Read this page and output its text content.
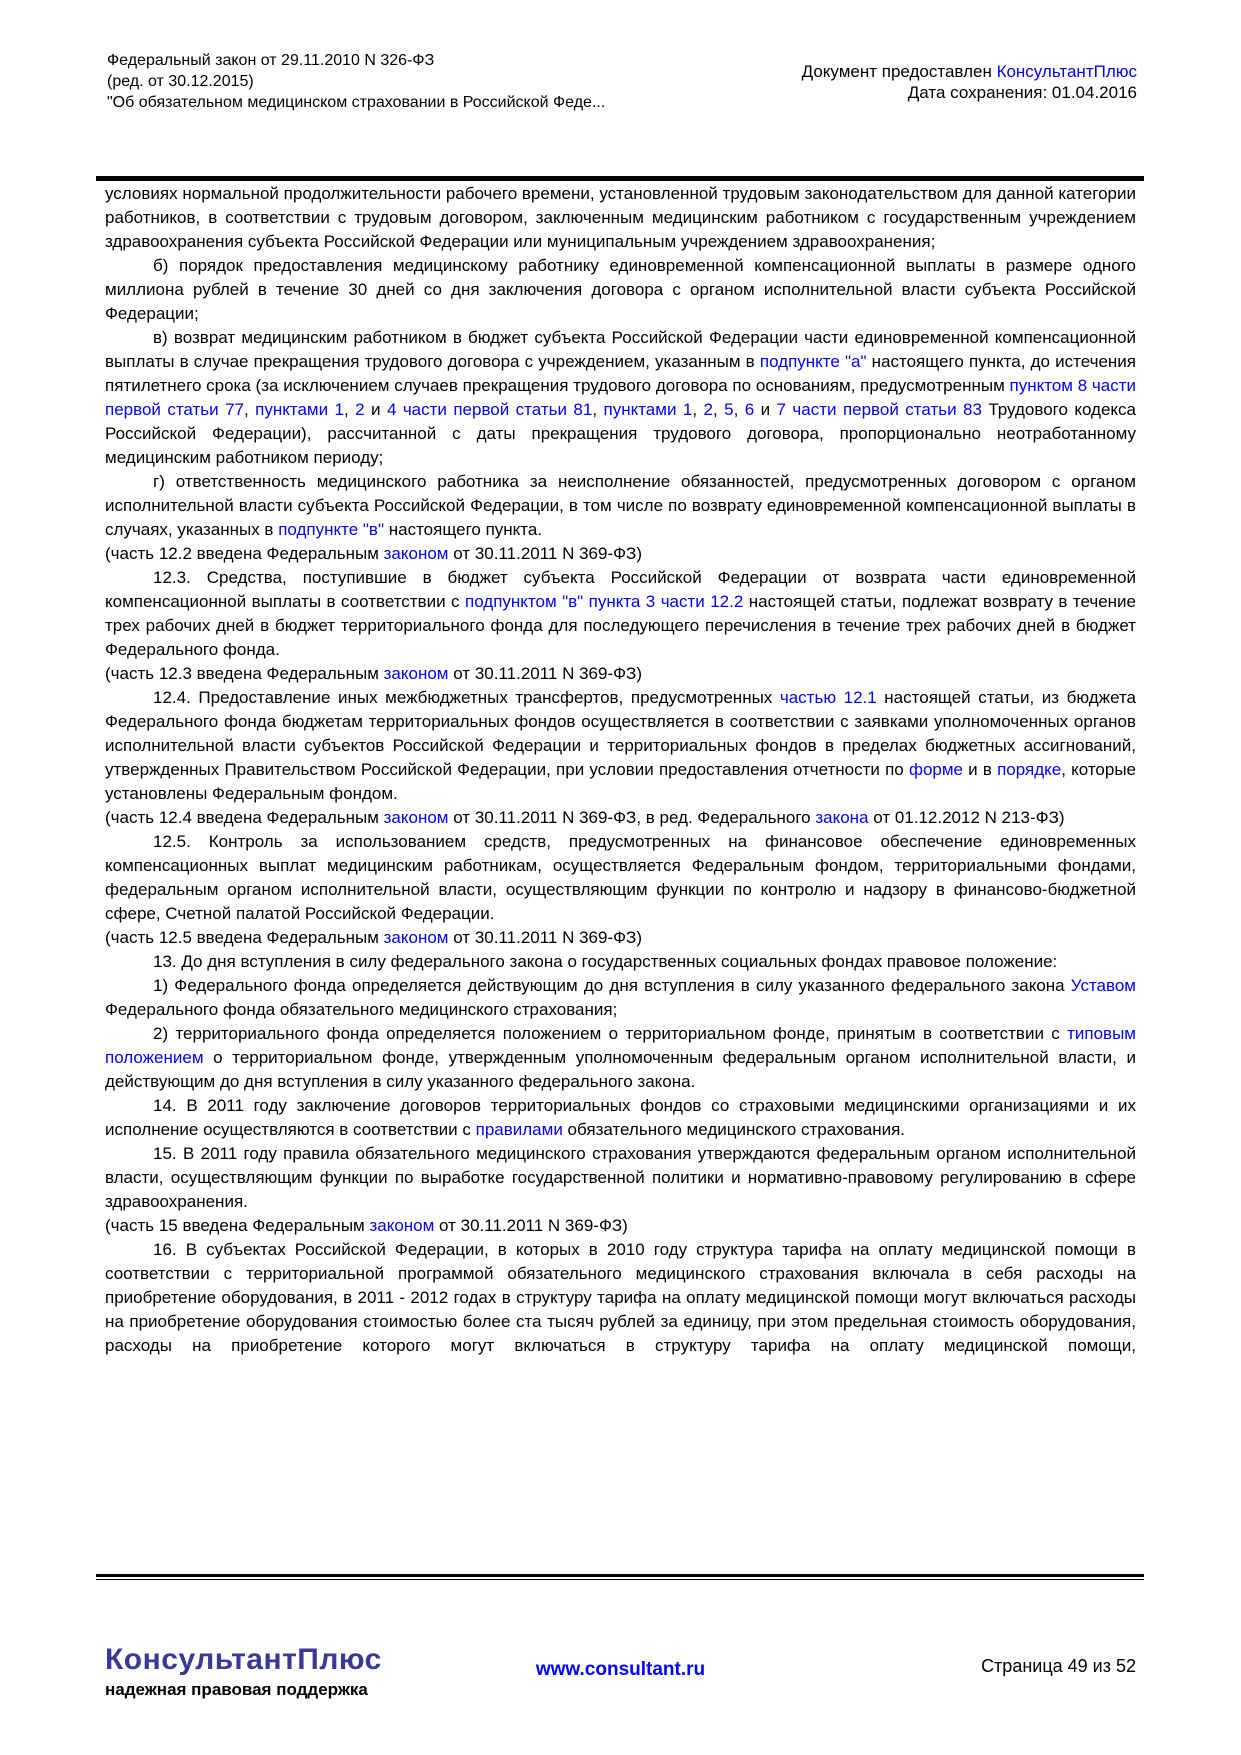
Федеральный закон от 29.11.2010 N 326-ФЗ
(ред. от 30.12.2015)
"Об обязательном медицинском страховании в Российской Феде...
Документ предоставлен КонсультантПлюс
Дата сохранения: 01.04.2016

условиях нормальной продолжительности рабочего времени, установленной трудовым законодательством для данной категории работников, в соответствии с трудовым договором, заключенным медицинским работником с государственным учреждением здравоохранения субъекта Российской Федерации или муниципальным учреждением здравоохранения;

б) порядок предоставления медицинскому работнику единовременной компенсационной выплаты в размере одного миллиона рублей в течение 30 дней со дня заключения договора с органом исполнительной власти субъекта Российской Федерации;

в) возврат медицинским работником в бюджет субъекта Российской Федерации части единовременной компенсационной выплаты в случае прекращения трудового договора с учреждением, указанным в подпункте "а" настоящего пункта, до истечения пятилетнего срока (за исключением случаев прекращения трудового договора по основаниям, предусмотренным пунктом 8 части первой статьи 77, пунктами 1, 2 и 4 части первой статьи 81, пунктами 1, 2, 5, 6 и 7 части первой статьи 83 Трудового кодекса Российской Федерации), рассчитанной с даты прекращения трудового договора, пропорционально неотработанному медицинским работником периоду;

г) ответственность медицинского работника за неисполнение обязанностей, предусмотренных договором с органом исполнительной власти субъекта Российской Федерации, в том числе по возврату единовременной компенсационной выплаты в случаях, указанных в подпункте "в" настоящего пункта.

(часть 12.2 введена Федеральным законом от 30.11.2011 N 369-ФЗ)

12.3. Средства, поступившие в бюджет субъекта Российской Федерации от возврата части единовременной компенсационной выплаты в соответствии с подпунктом "в" пункта 3 части 12.2 настоящей статьи, подлежат возврату в течение трех рабочих дней в бюджет территориального фонда для последующего перечисления в течение трех рабочих дней в бюджет Федерального фонда.

(часть 12.3 введена Федеральным законом от 30.11.2011 N 369-ФЗ)

12.4. Предоставление иных межбюджетных трансфертов, предусмотренных частью 12.1 настоящей статьи, из бюджета Федерального фонда бюджетам территориальных фондов осуществляется в соответствии с заявками уполномоченных органов исполнительной власти субъектов Российской Федерации и территориальных фондов в пределах бюджетных ассигнований, утвержденных Правительством Российской Федерации, при условии предоставления отчетности по форме и в порядке, которые установлены Федеральным фондом.

(часть 12.4 введена Федеральным законом от 30.11.2011 N 369-ФЗ, в ред. Федерального закона от 01.12.2012 N 213-ФЗ)

12.5. Контроль за использованием средств, предусмотренных на финансовое обеспечение единовременных компенсационных выплат медицинским работникам, осуществляется Федеральным фондом, территориальными фондами, федеральным органом исполнительной власти, осуществляющим функции по контролю и надзору в финансово-бюджетной сфере, Счетной палатой Российской Федерации.

(часть 12.5 введена Федеральным законом от 30.11.2011 N 369-ФЗ)

13. До дня вступления в силу федерального закона о государственных социальных фондах правовое положение:

1) Федерального фонда определяется действующим до дня вступления в силу указанного федерального закона Уставом Федерального фонда обязательного медицинского страхования;

2) территориального фонда определяется положением о территориальном фонде, принятым в соответствии с типовым положением о территориальном фонде, утвержденным уполномоченным федеральным органом исполнительной власти, и действующим до дня вступления в силу указанного федерального закона.

14. В 2011 году заключение договоров территориальных фондов со страховыми медицинскими организациями и их исполнение осуществляются в соответствии с правилами обязательного медицинского страхования.

15. В 2011 году правила обязательного медицинского страхования утверждаются федеральным органом исполнительной власти, осуществляющим функции по выработке государственной политики и нормативно-правовому регулированию в сфере здравоохранения.

(часть 15 введена Федеральным законом от 30.11.2011 N 369-ФЗ)

16. В субъектах Российской Федерации, в которых в 2010 году структура тарифа на оплату медицинской помощи в соответствии с территориальной программой обязательного медицинского страхования включала в себя расходы на приобретение оборудования, в 2011 - 2012 годах в структуру тарифа на оплату медицинской помощи могут включаться расходы на приобретение оборудования стоимостью более ста тысяч рублей за единицу, при этом предельная стоимость оборудования, расходы на приобретение которого могут включаться в структуру тарифа на оплату медицинской помощи,

КонсультантПлюс
надежная правовая поддержка
www.consultant.ru	Страница 49 из 52
